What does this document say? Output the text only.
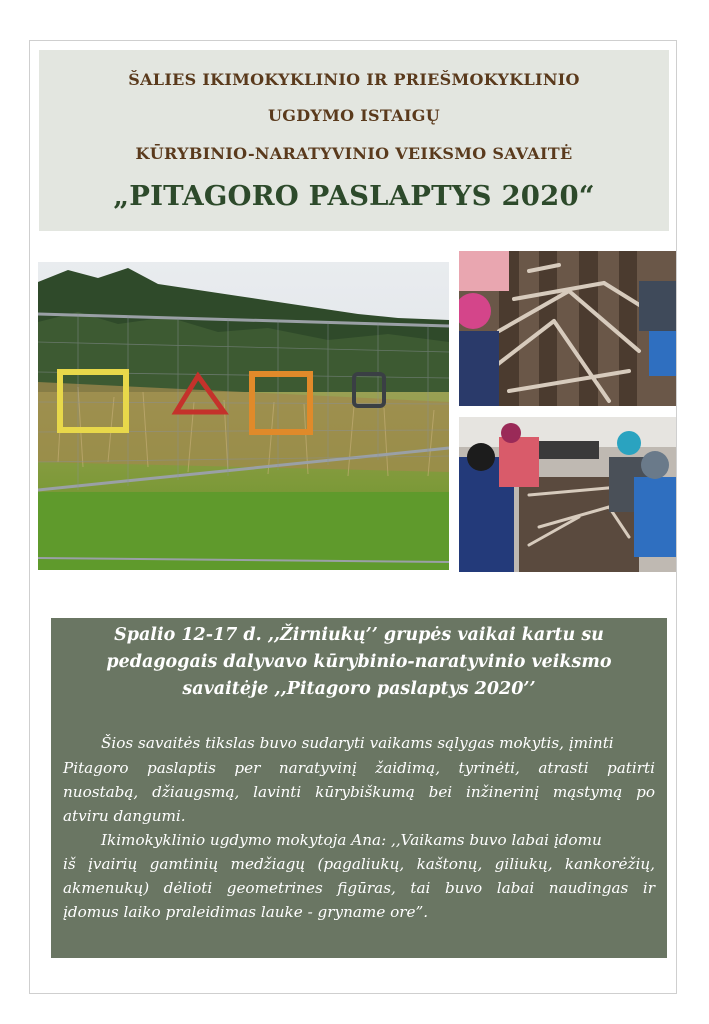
ŠALIES IKIMOKYKLINIO IR PRIEŠMOKYKLINIO
UGDYMO ISTAIGŲ
KŪRYBINIO-NARATYVINIO VEIKSMO SAVAITĖ
„PITAGORO PASLAPTYS 2020“
Spalio 12-17 d. ,,Žirniukų’’ grupės vaikai kartu su
pedagogais dalyvavo kūrybinio-naratyvinio veiksmo
savaitėje ,,Pitagoro paslaptys 2020’’
Šios savaitės tikslas buvo sudaryti vaikams sąlygas mokytis, įminti
Pitagoro paslaptis per naratyvinį žaidimą, tyrinėti, atrasti patirti
nuostabą, džiaugsmą, lavinti kūrybiškumą bei inžinerinį mąstymą po
atviru dangumi.
Ikimokyklinio ugdymo mokytoja Ana: ,,Vaikams buvo labai įdomu
iš įvairių gamtinių medžiagų (pagaliukų, kaštonų, giliukų, kankorėžių,
akmenukų) dėlioti geometrines figūras, tai buvo labai naudingas ir
įdomus laiko praleidimas lauke - gryname ore”.
